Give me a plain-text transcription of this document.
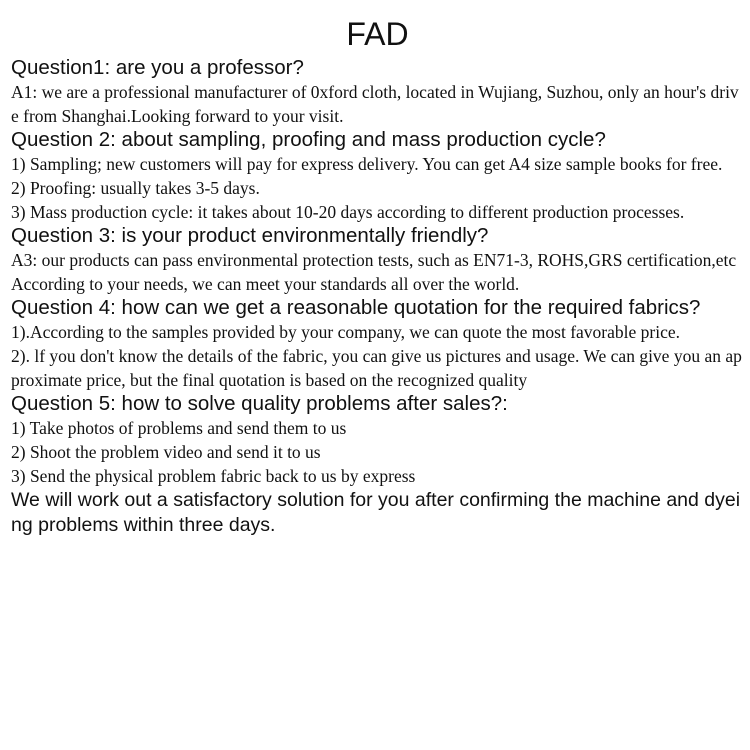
FAD

Question1: are you a professor?

A1: we are a professional manufacturer of 0xford cloth, located in Wujiang, Suzhou, only an hour's drive from Shanghai.Looking forward to your visit.

Question 2: about sampling, proofing and mass production cycle?

1) Sampling; new customers will pay for express delivery. You can get A4 size sample books for free.

2) Proofing: usually takes 3-5 days.

3) Mass production cycle: it takes about 10-20 days according to different production processes.

Question 3: is your product environmentally friendly?

A3: our products can pass environmental protection tests, such as EN71-3, ROHS,GRS certification,etcAccording to your needs, we can meet your standards all over the world.

Question 4: how can we get a reasonable quotation for the required fabrics?

1).According to the samples provided by your company, we can quote the most favorable price.

2). lf you don't know the details of the fabric, you can give us pictures and usage. We can give you an approximate price, but the final quotation is based on the recognized quality

Question 5: how to solve quality problems after sales?:

1) Take photos of problems and send them to us

2) Shoot the problem video and send it to us

3) Send the physical problem fabric back to us by express

We will work out a satisfactory solution for you after confirming the machine and dyeing problems within three days.
